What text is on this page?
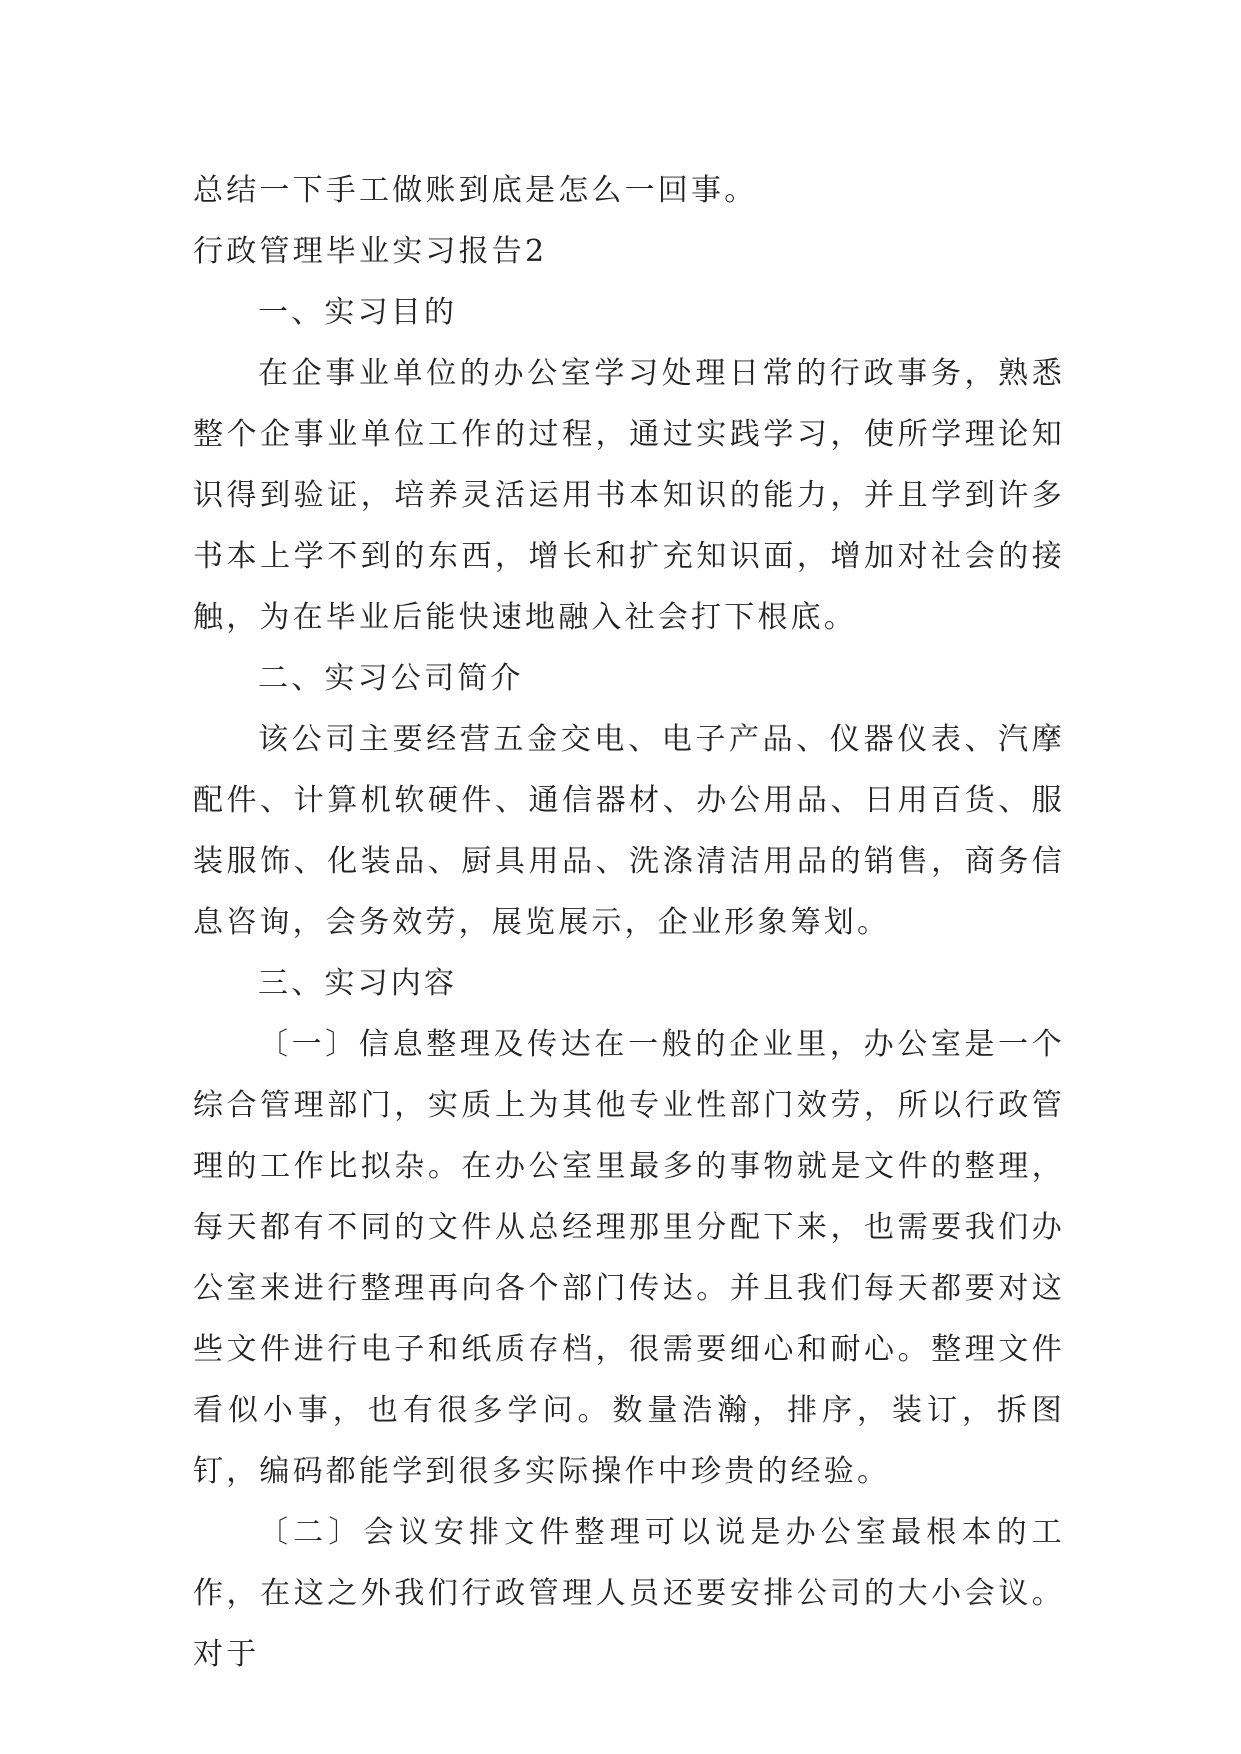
总结一下手工做账到底是怎么一回事。

行政管理毕业实习报告2

一、实习目的

在企事业单位的办公室学习处理日常的行政事务，熟悉整个企事业单位工作的过程，通过实践学习，使所学理论知识得到验证，培养灵活运用书本知识的能力，并且学到许多书本上学不到的东西，增长和扩充知识面，增加对社会的接触，为在毕业后能快速地融入社会打下根底。

二、实习公司简介

该公司主要经营五金交电、电子产品、仪器仪表、汽摩配件、计算机软硬件、通信器材、办公用品、日用百货、服装服饰、化装品、厨具用品、洗涤清洁用品的销售，商务信息咨询，会务效劳，展览展示，企业形象筹划。

三、实习内容

〔一〕信息整理及传达在一般的企业里，办公室是一个综合管理部门，实质上为其他专业性部门效劳，所以行政管理的工作比拟杂。在办公室里最多的事物就是文件的整理，每天都有不同的文件从总经理那里分配下来，也需要我们办公室来进行整理再向各个部门传达。并且我们每天都要对这些文件进行电子和纸质存档，很需要细心和耐心。整理文件看似小事，也有很多学问。数量浩瀚，排序，装订，拆图钉，编码都能学到很多实际操作中珍贵的经验。

〔二〕会议安排文件整理可以说是办公室最根本的工作，在这之外我们行政管理人员还要安排公司的大小会议。对于
